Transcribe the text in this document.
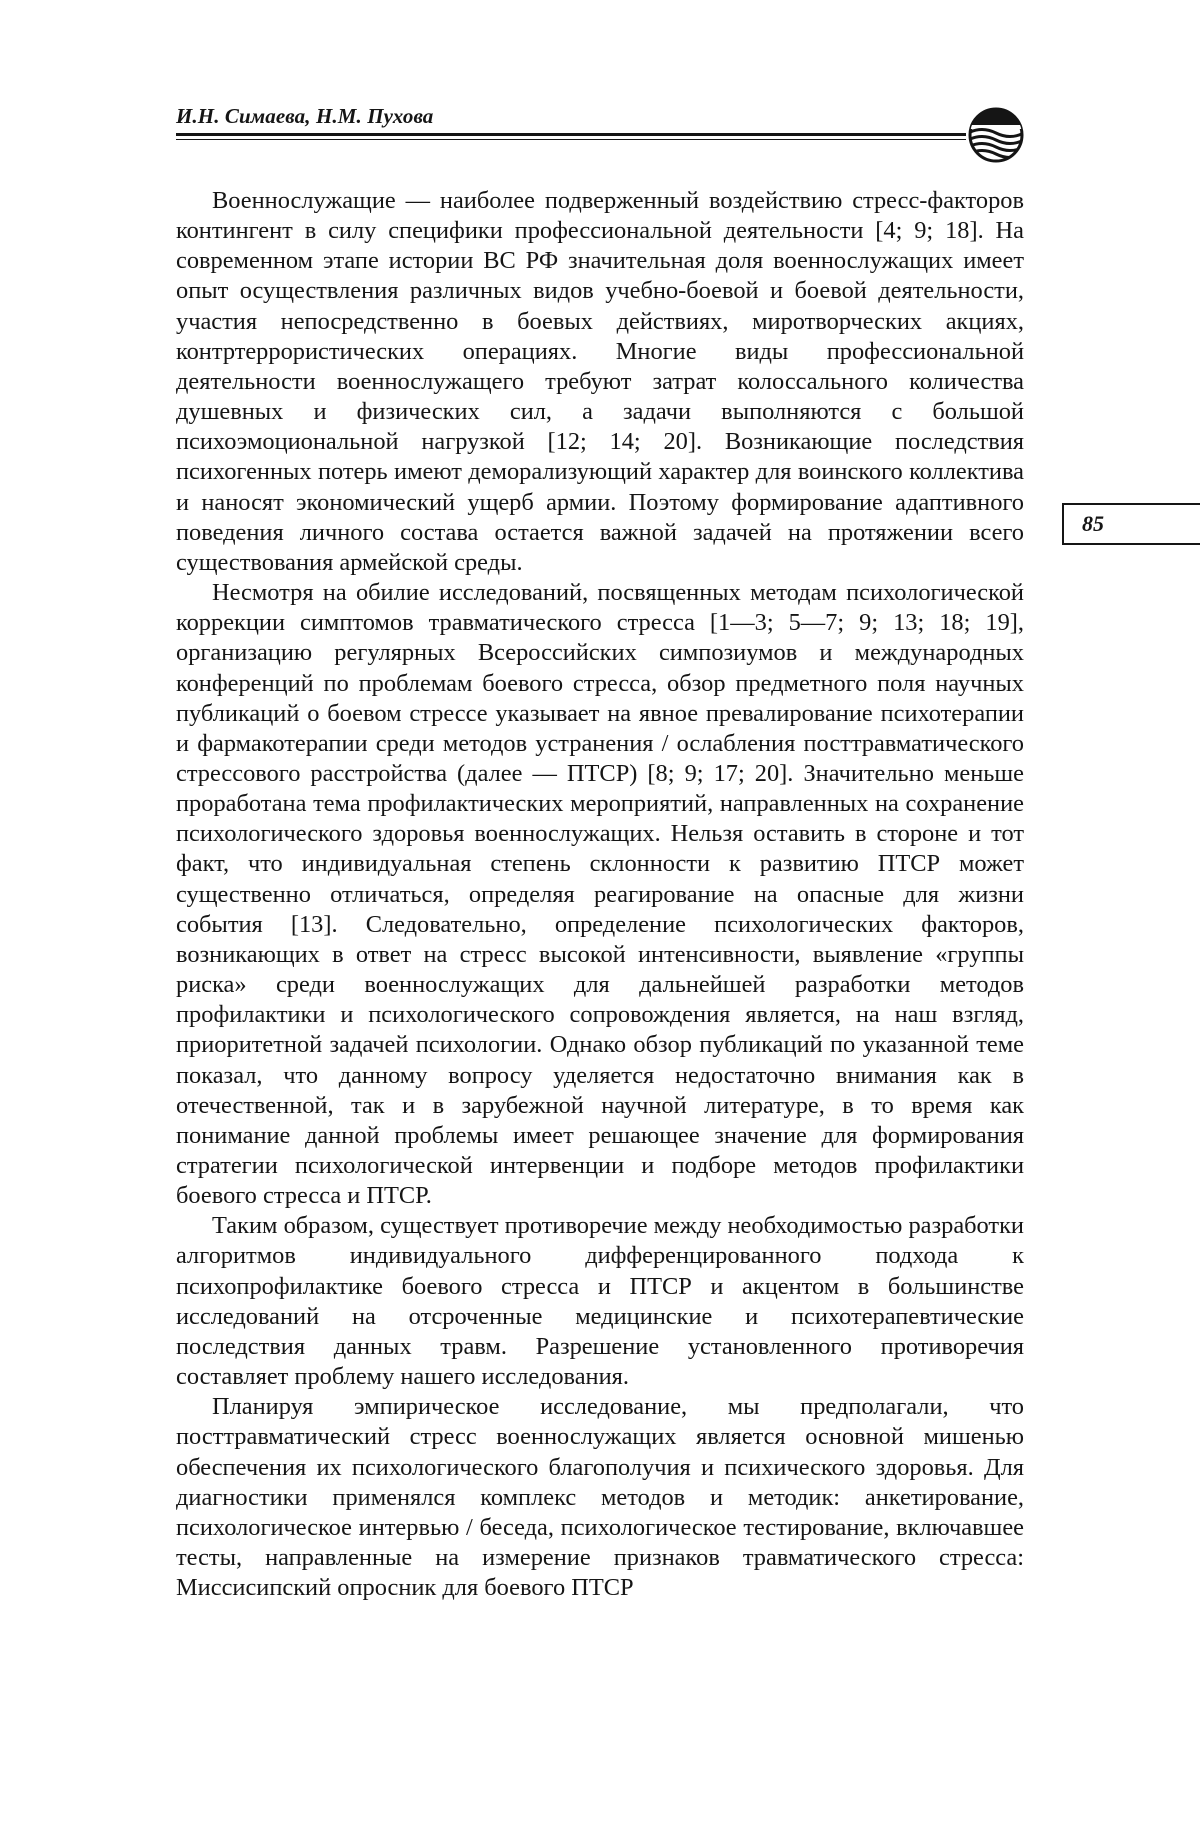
И.Н. Симаева, Н.М. Пухова

Военнослужащие — наиболее подверженный воздействию стресс-факторов контингент в силу специфики профессиональной деятельности [4; 9; 18]. На современном этапе истории ВС РФ значительная доля военнослужащих имеет опыт осуществления различных видов учебно-боевой и боевой деятельности, участия непосредственно в боевых действиях, миротворческих акциях, контртеррористических операциях. Многие виды профессиональной деятельности военнослужащего требуют затрат колоссального количества душевных и физических сил, а задачи выполняются с большой психоэмоциональной нагрузкой [12; 14; 20]. Возникающие последствия психогенных потерь имеют деморализующий характер для воинского коллектива и наносят экономический ущерб армии. Поэтому формирование адаптивного поведения личного состава остается важной задачей на протяжении всего существования армейской среды.

Несмотря на обилие исследований, посвященных методам психологической коррекции симптомов травматического стресса [1—3; 5—7; 9; 13; 18; 19], организацию регулярных Всероссийских симпозиумов и международных конференций по проблемам боевого стресса, обзор предметного поля научных публикаций о боевом стрессе указывает на явное превалирование психотерапии и фармакотерапии среди методов устранения / ослабления посттравматического стрессового расстройства (далее — ПТСР) [8; 9; 17; 20]. Значительно меньше проработана тема профилактических мероприятий, направленных на сохранение психологического здоровья военнослужащих. Нельзя оставить в стороне и тот факт, что индивидуальная степень склонности к развитию ПТСР может существенно отличаться, определяя реагирование на опасные для жизни события [13]. Следовательно, определение психологических факторов, возникающих в ответ на стресс высокой интенсивности, выявление «группы риска» среди военнослужащих для дальнейшей разработки методов профилактики и психологического сопровождения является, на наш взгляд, приоритетной задачей психологии. Однако обзор публикаций по указанной теме показал, что данному вопросу уделяется недостаточно внимания как в отечественной, так и в зарубежной научной литературе, в то время как понимание данной проблемы имеет решающее значение для формирования стратегии психологической интервенции и подборе методов профилактики боевого стресса и ПТСР.

Таким образом, существует противоречие между необходимостью разработки алгоритмов индивидуального дифференцированного подхода к психопрофилактике боевого стресса и ПТСР и акцентом в большинстве исследований на отсроченные медицинские и психотерапевтические последствия данных травм. Разрешение установленного противоречия составляет проблему нашего исследования.

Планируя эмпирическое исследование, мы предполагали, что посттравматический стресс военнослужащих является основной мишенью обеспечения их психологического благополучия и психического здоровья. Для диагностики применялся комплекс методов и методик: анкетирование, психологическое интервью / беседа, психологическое тестирование, включавшее тесты, направленные на измерение признаков травматического стресса: Миссисипский опросник для боевого ПТСР

85
